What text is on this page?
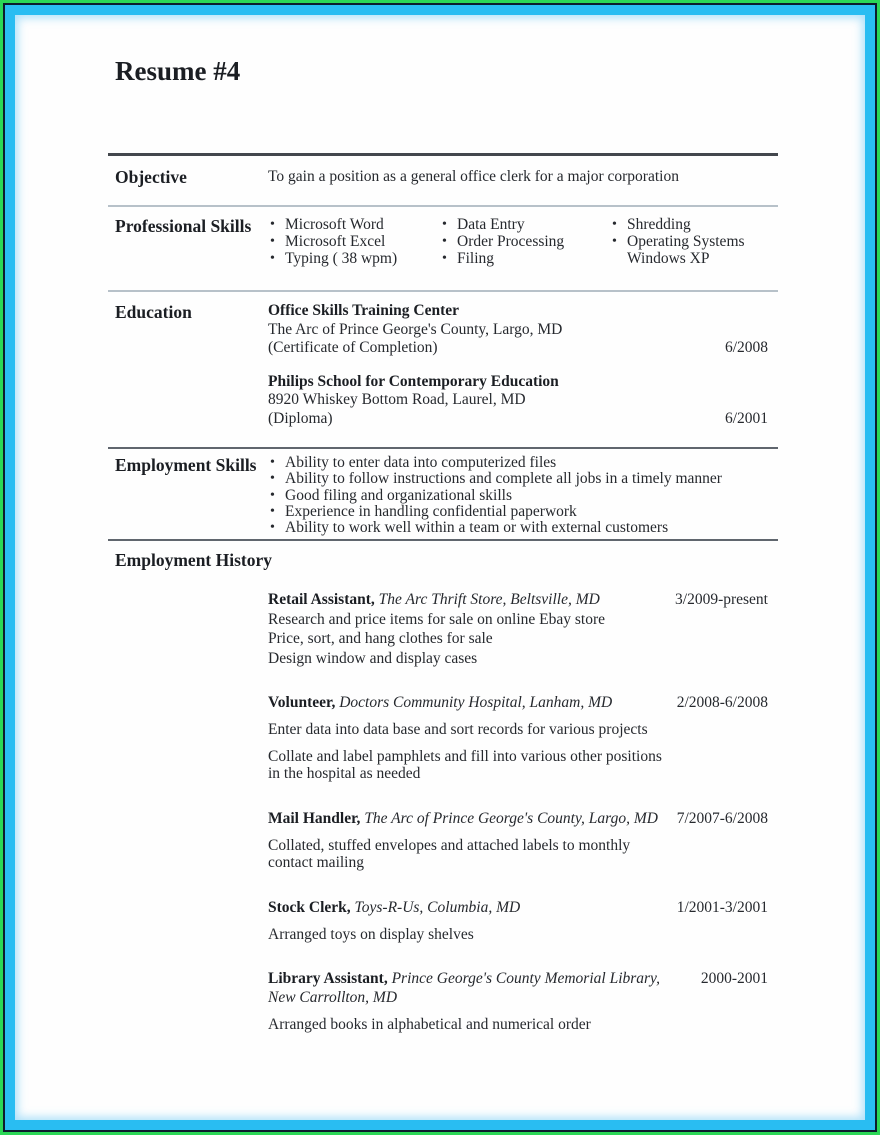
Resume #4
Objective	To gain a position as a general office clerk for a major corporation
Professional Skills	• Microsoft Word
• Microsoft Excel
• Typing ( 38 wpm)
• Data Entry
• Order Processing
• Filing
• Shredding
• Operating Systems Windows XP
Education	Office Skills Training Center
The Arc of Prince George's County, Largo, MD
(Certificate of Completion)	6/2008
Philips School for Contemporary Education
8920 Whiskey Bottom Road, Laurel, MD
(Diploma)	6/2001
Employment Skills	• Ability to enter data into computerized files
• Ability to follow instructions and complete all jobs in a timely manner
• Good filing and organizational skills
• Experience in handling confidential paperwork
• Ability to work well within a team or with external customers
Employment History
Retail Assistant, The Arc Thrift Store, Beltsville, MD	3/2009-present
Research and price items for sale on online Ebay store
Price, sort, and hang clothes for sale
Design window and display cases
Volunteer, Doctors Community Hospital, Lanham, MD	2/2008-6/2008
Enter data into data base and sort records for various projects
Collate and label pamphlets and fill into various other positions in the hospital as needed
Mail Handler, The Arc of Prince George's County, Largo, MD	7/2007-6/2008
Collated, stuffed envelopes and attached labels to monthly contact mailing
Stock Clerk, Toys-R-Us, Columbia, MD	1/2001-3/2001
Arranged toys on display shelves
Library Assistant, Prince George's County Memorial Library, New Carrollton, MD
2000-2001
Arranged books in alphabetical and numerical order
